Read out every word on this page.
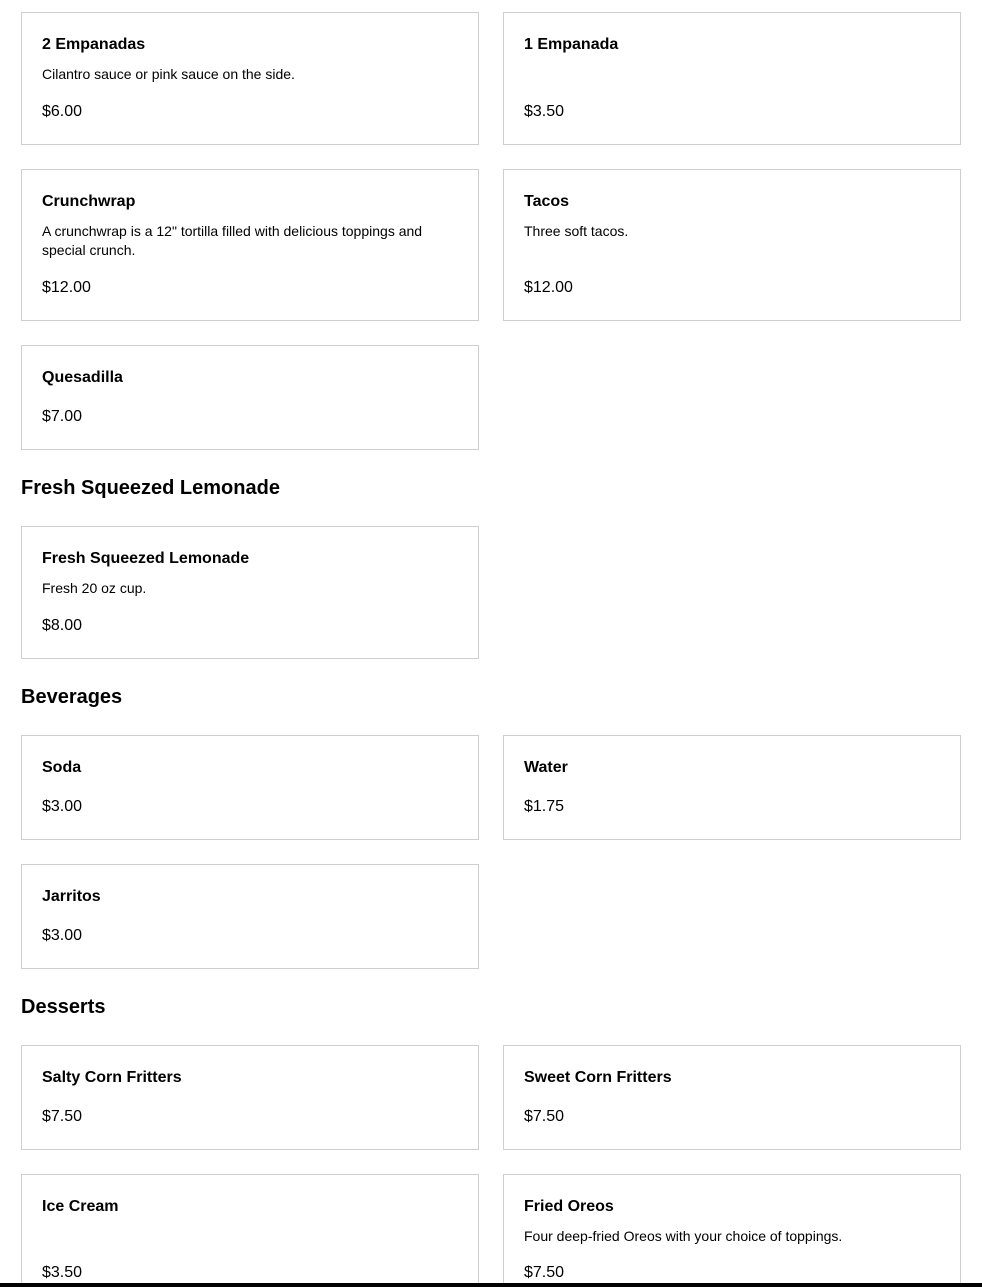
2 Empanadas
Cilantro sauce or pink sauce on the side.
$6.00
1 Empanada
$3.50
Crunchwrap
A crunchwrap is a 12" tortilla filled with delicious toppings and special crunch.
$12.00
Tacos
Three soft tacos.
$12.00
Quesadilla
$7.00
Fresh Squeezed Lemonade
Fresh Squeezed Lemonade
Fresh 20 oz cup.
$8.00
Beverages
Soda
$3.00
Water
$1.75
Jarritos
$3.00
Desserts
Salty Corn Fritters
$7.50
Sweet Corn Fritters
$7.50
Ice Cream
$3.50
Fried Oreos
Four deep-fried Oreos with your choice of toppings.
$7.50
